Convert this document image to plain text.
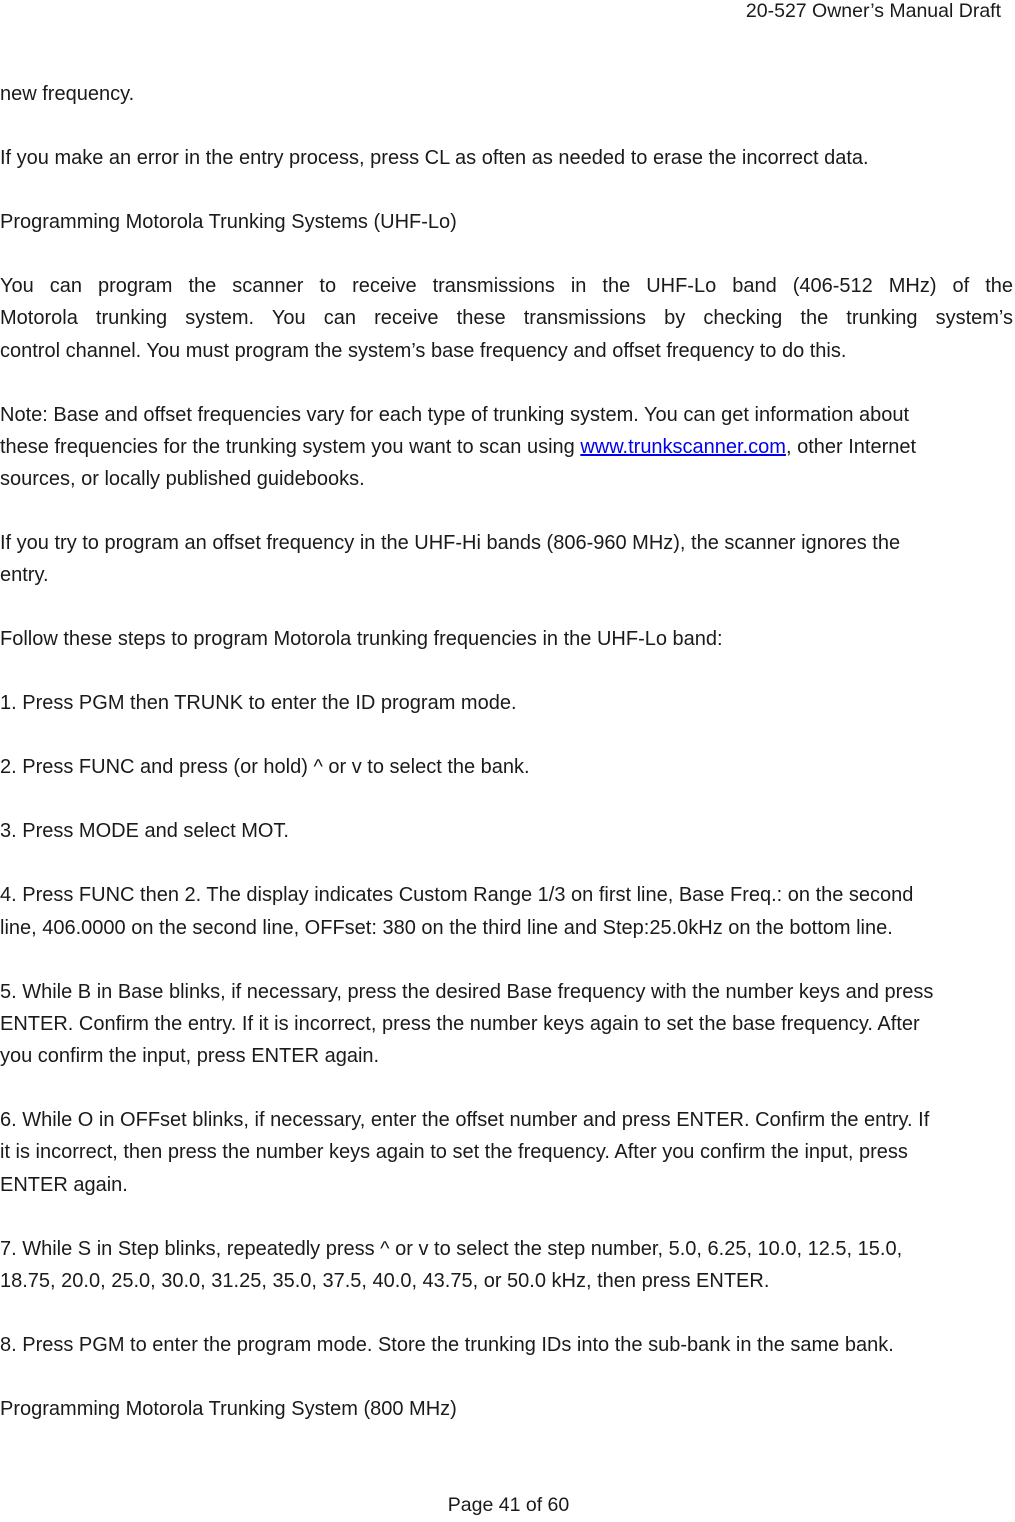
20-527 Owner’s Manual Draft
new frequency.
If you make an error in the entry process, press CL as often as needed to erase the incorrect data.
Programming Motorola Trunking Systems (UHF-Lo)
You can program the scanner to receive transmissions in the UHF-Lo band (406-512 MHz) of the
Motorola trunking system. You can receive these transmissions by checking the trunking system’s
control channel. You must program the system’s base frequency and offset frequency to do this.
Note: Base and offset frequencies vary for each type of trunking system. You can get information about
these frequencies for the trunking system you want to scan using www.trunkscanner.com, other Internet
sources, or locally published guidebooks.
If you try to program an offset frequency in the UHF-Hi bands (806-960 MHz), the scanner ignores the
entry.
Follow these steps to program Motorola trunking frequencies in the UHF-Lo band:
1. Press PGM then TRUNK to enter the ID program mode.
2. Press FUNC and press (or hold) ^ or v to select the bank.
3. Press MODE and select MOT.
4. Press FUNC then 2. The display indicates Custom Range 1/3 on first line, Base Freq.: on the second
line, 406.0000 on the second line, OFFset: 380 on the third line and Step:25.0kHz on the bottom line.
5. While B in Base blinks, if necessary, press the desired Base frequency with the number keys and press
ENTER. Confirm the entry. If it is incorrect, press the number keys again to set the base frequency. After
you confirm the input, press ENTER again.
6. While O in OFFset blinks, if necessary, enter the offset number and press ENTER. Confirm the entry. If
it is incorrect, then press the number keys again to set the frequency. After you confirm the input, press
ENTER again.
7. While S in Step blinks, repeatedly press ^ or v to select the step number, 5.0, 6.25, 10.0, 12.5, 15.0,
18.75, 20.0, 25.0, 30.0, 31.25, 35.0, 37.5, 40.0, 43.75, or 50.0 kHz, then press ENTER.
8. Press PGM to enter the program mode. Store the trunking IDs into the sub-bank in the same bank.
Programming Motorola Trunking System (800 MHz)
Page 41 of 60
